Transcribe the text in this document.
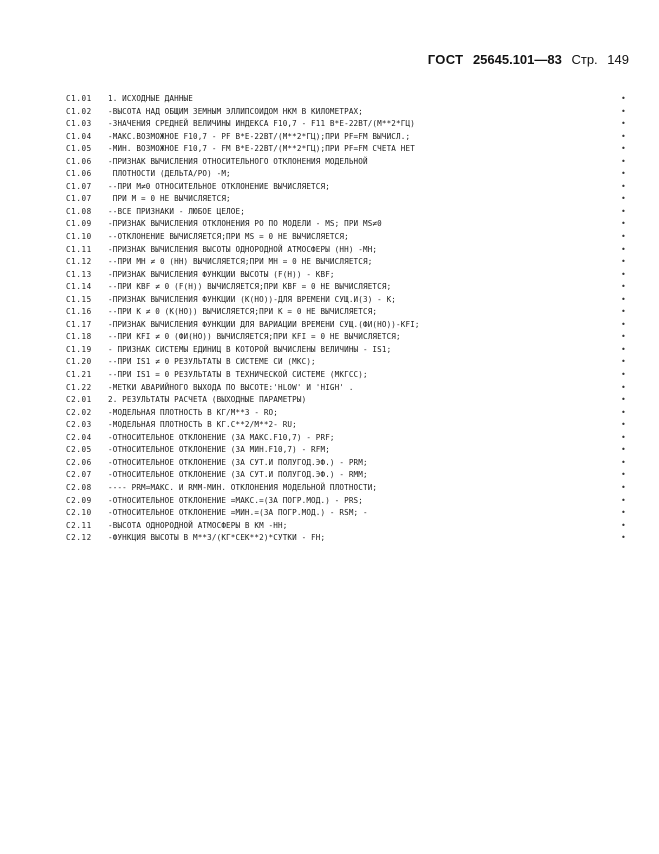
ГОСТ 25645.101—83 Стр. 149
C1.01 1. ИСХОДНЫЕ ДАННЫЕ	•
C1.02 -ВЫСОТА НАД ОБЩИМ ЗЕМНЫМ ЭЛЛИПСОИДОМ НКМ В КИЛОМЕТРАХ;	•
C1.03 -ЗНАЧЕНИЯ СРЕДНЕЙ ВЕЛИЧИНЫ ИНДЕКСА F10,7 - F11 В*Е-22ВТ/(М**2*ГЦ)	•
C1.04 -МАКС.ВОЗМОЖНОЕ F10,7 - PF В*Е-22ВТ/(М**2*ГЦ);ПРИ PF=FM ВЫЧИСЛ.;	•
C1.05 -МИН. ВОЗМОЖНОЕ F10,7 - FM В*Е-22ВТ/(М**2*ГЦ);ПРИ PF=FM СЧЕТА НЕТ	•
C1.06 -ПРИЗНАК ВЫЧИСЛЕНИЯ ОТНОСИТЕЛЬНОГО ОТКЛОНЕНИЯ МОДЕЛЬНОЙ	•
C1.06 ПЛОТНОСТИ (ДЕЛЬТА/РО) -М;	•
C1.07 --ПРИ М≠0 ОТНОСИТЕЛЬНОЕ ОТКЛОНЕНИЕ ВЫЧИСЛЯЕТСЯ;	•
C1.07 ПРИ М = 0 НЕ ВЫЧИСЛЯЕТСЯ;	•
C1.08 --ВСЕ ПРИЗНАКИ - ЛЮБОЕ ЦЕЛОЕ;	•
C1.09 -ПРИЗНАК ВЫЧИСЛЕНИЯ ОТКЛОНЕНИЯ РО ПО МОДЕЛИ - MS; ПРИ MS≠0	•
C1.10 --ОТКЛОНЕНИЕ ВЫЧИСЛЯЕТСЯ;ПРИ MS = 0 НЕ ВЫЧИСЛЯЕТСЯ;	•
C1.11 -ПРИЗНАК ВЫЧИСЛЕНИЯ ВЫСОТЫ ОДНОРОДНОЙ АТМОСФЕРЫ (НН) -МН;	•
C1.12 --ПРИ МН ≠ 0 (НН) ВЫЧИСЛЯЕТСЯ;ПРИ МН = 0 НЕ ВЫЧИСЛЯЕТСЯ;	•
C1.13 -ПРИЗНАК ВЫЧИСЛЕНИЯ ФУНКЦИИ ВЫСОТЫ (F(Н)) - KBF;	•
C1.14 --ПРИ KBF ≠ 0 (F(Н)) ВЫЧИСЛЯЕТСЯ;ПРИ KBF = 0 НЕ ВЫЧИСЛЯЕТСЯ;	•
C1.15 -ПРИЗНАК ВЫЧИСЛЕНИЯ ФУНКЦИИ (К(НО))-ДЛЯ ВРЕМЕНИ СУЩ.И(3) - К;	•
C1.16 --ПРИ К ≠ 0 (К(НО)) ВЫЧИСЛЯЕТСЯ;ПРИ К = 0 НЕ ВЫЧИСЛЯЕТСЯ;	•
C1.17 -ПРИЗНАК ВЫЧИСЛЕНИЯ ФУНКЦИИ ДЛЯ ВАРИАЦИИ ВРЕМЕНИ СУЩ.(ФИ(НО))-KFI;	•
C1.18 --ПРИ KFI ≠ 0 (ФИ(НО)) ВЫЧИСЛЯЕТСЯ;ПРИ KFI = 0 НЕ ВЫЧИСЛЯЕТСЯ;	•
C1.19 - ПРИЗНАК СИСТЕМЫ ЕДИНИЦ В КОТОРОЙ ВЫЧИСЛЕНЫ ВЕЛИЧИНЫ - IS1;	•
C1.20 --ПРИ IS1 ≠ 0 РЕЗУЛЬТАТЫ В СИСТЕМЕ СИ (МКС);	•
C1.21 --ПРИ IS1 = 0 РЕЗУЛЬТАТЫ В ТЕХНИЧЕСКОЙ СИСТЕМЕ (МКГСС);	•
C1.22 -МЕТКИ АВАРИЙНОГО ВЫХОДА ПО ВЫСОТЕ:'НLOW' И 'НIGH' .	•
C2.01 2. РЕЗУЛЬТАТЫ РАСЧЕТА (ВЫХОДНЫЕ ПАРАМЕТРЫ)	•
C2.02 -МОДЕЛЬНАЯ ПЛОТНОСТЬ В КГ/М**3 - RO;	•
C2.03 -МОДЕЛЬНАЯ ПЛОТНОСТЬ В КГ.С**2/М**2- RU;	•
C2.04 -ОТНОСИТЕЛЬНОЕ ОТКЛОНЕНИЕ (ЗА МАКС.F10,7) - PRF;	•
C2.05 -ОТНОСИТЕЛЬНОЕ ОТКЛОНЕНИЕ (ЗА МИН.F10,7) - RFM;	•
C2.06 -ОТНОСИТЕЛЬНОЕ ОТКЛОНЕНИЕ (ЗА СУТ.И ПОЛУГОД.ЭФ.) - PRM;	•
C2.07 -ОТНОСИТЕЛЬНОЕ ОТКЛОНЕНИЕ (ЗА СУТ.И ПОЛУГОД.ЭФ.) - RMM;	•
C2.08 ---- PRM=МАКС. И RMM-МИН. ОТКЛОНЕНИЯ МОДЕЛЬНОЙ ПЛОТНОСТИ;	•
C2.09 -ОТНОСИТЕЛЬНОЕ ОТКЛОНЕНИЕ =МАКС.=(ЗА ПОГР.МОД.) - PRS;	•
C2.10 -ОТНОСИТЕЛЬНОЕ ОТКЛОНЕНИЕ =МИН.=(ЗА ПОГР.МОД.) - RSM; -	•
C2.11 -ВЫСОТА ОДНОРОДНОЙ АТМОСФЕРЫ В КМ -НН;	•
C2.12 -ФУНКЦИЯ ВЫСОТЫ В М**3/(КГ*СЕК**2)*СУТКИ - FН;	•
